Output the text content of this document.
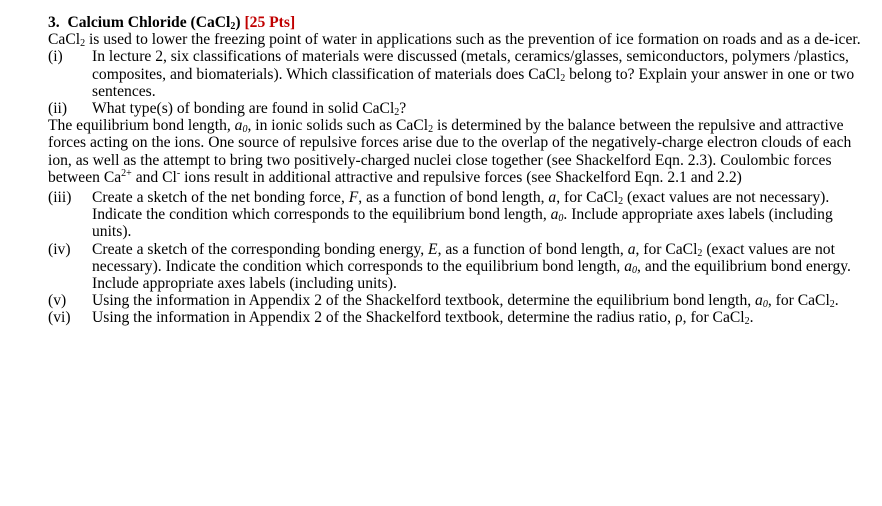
3. Calcium Chloride (CaCl$_2$) [25 Pts]

CaCl$_2$ is used to lower the freezing point of water in applications such as the prevention of ice formation on roads and as a de-icer.

(i)	In lecture 2, six classifications of materials were discussed (metals, ceramics/glasses, semiconductors, polymers /plastics, composites, and biomaterials). Which classification of materials does CaCl$_2$ belong to? Explain your answer in one or two sentences.
(ii)	What type(s) of bonding are found in solid CaCl$_2$?

The equilibrium bond length, $a_0$, in ionic solids such as CaCl$_2$ is determined by the balance between the repulsive and attractive forces acting on the ions. One source of repulsive forces arise due to the overlap of the negatively-charge electron clouds of each ion, as well as the attempt to bring two positively-charged nuclei close together (see Shackelford Eqn. 2.3). Coulombic forces between $Ca^{2+}$ and Cl- ions result in additional attractive and repulsive forces (see Shackelford Eqn. 2.1 and 2.2)

(iii)	Create a sketch of the net bonding force, F, as a function of bond length, a, for CaCl$_2$ (exact values are not necessary). Indicate the condition which corresponds to the equilibrium bond length, $a_0$. Include appropriate axes labels (including units).
(iv)	Create a sketch of the corresponding bonding energy, E, as a function of bond length, a, for CaCl$_2$ (exact values are not necessary). Indicate the condition which corresponds to the equilibrium bond length, $a_0$, and the equilibrium bond energy. Include appropriate axes labels (including units).
(v)	Using the information in Appendix 2 of the Shackelford textbook, determine the equilibrium bond length, $a_0$, for CaCl$_2$.
(vi)	Using the information in Appendix 2 of the Shackelford textbook, determine the radius ratio, ρ, for CaCl$_2$.
